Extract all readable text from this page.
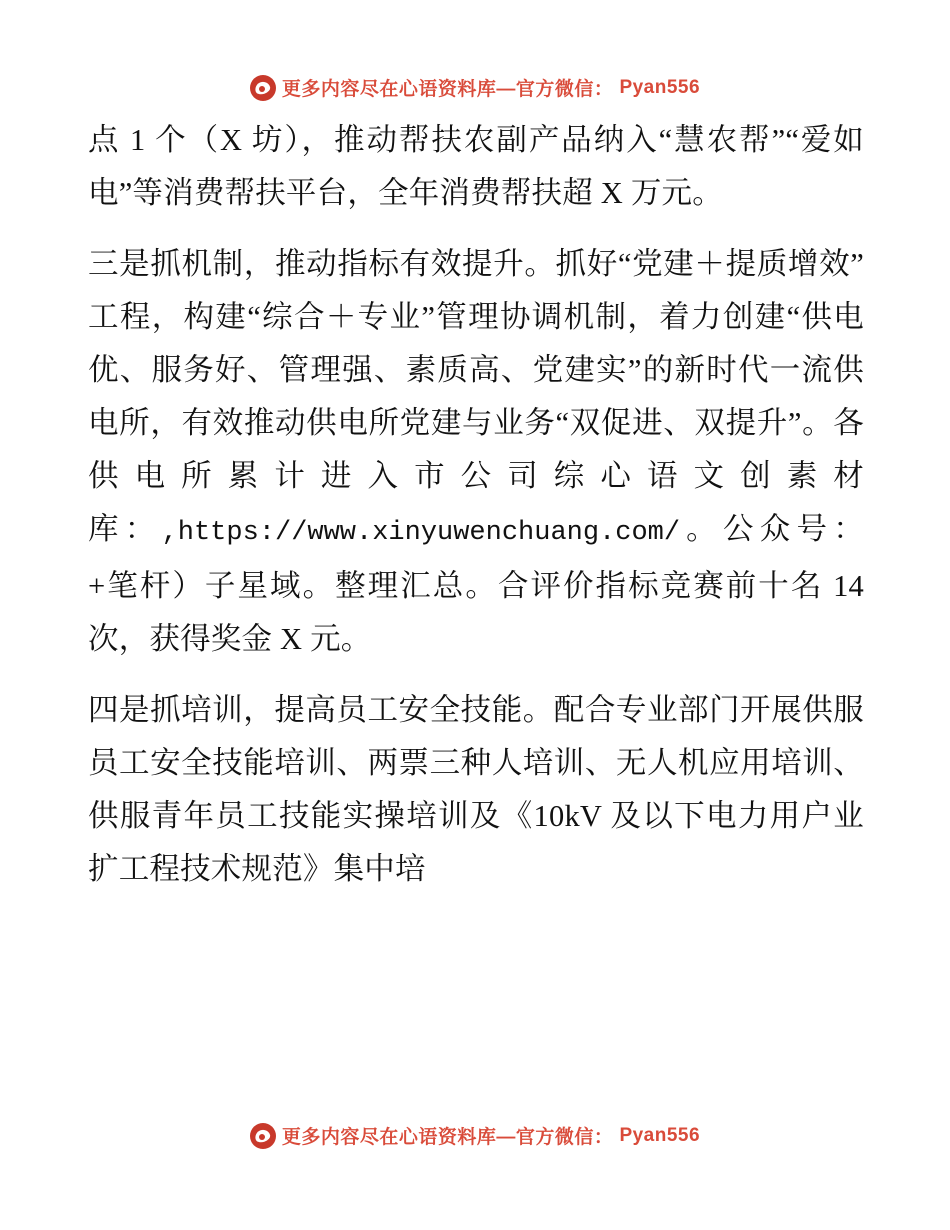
更多内容尽在心语资料库—官方微信： Pyan556

点 1 个（X 坊），推动帮扶农副产品纳入“慧农帮”“爱如电”等消费帮扶平台，全年消费帮扶超 X 万元。

三是抓机制，推动指标有效提升。抓好“党建＋提质增效”工程，构建“综合＋专业”管理协调机制，着力创建“供电优、服务好、管理强、素质高、党建实”的新时代一流供电所，有效推动供电所党建与业务“双促进、双提升”。各供电所累计进入市公司综心语文创素材库：,https://www.xinyuwenchuang.com/。公众号：+笔杆）子星域。整理汇总。合评价指标竞赛前十名 14 次，获得奖金 X 元。

四是抓培训，提高员工安全技能。配合专业部门开展供服员工安全技能培训、两票三种人培训、无人机应用培训、供服青年员工技能实操培训及《10kV 及以下电力用户业扩工程技术规范》集中培

更多内容尽在心语资料库—官方微信： Pyan556
